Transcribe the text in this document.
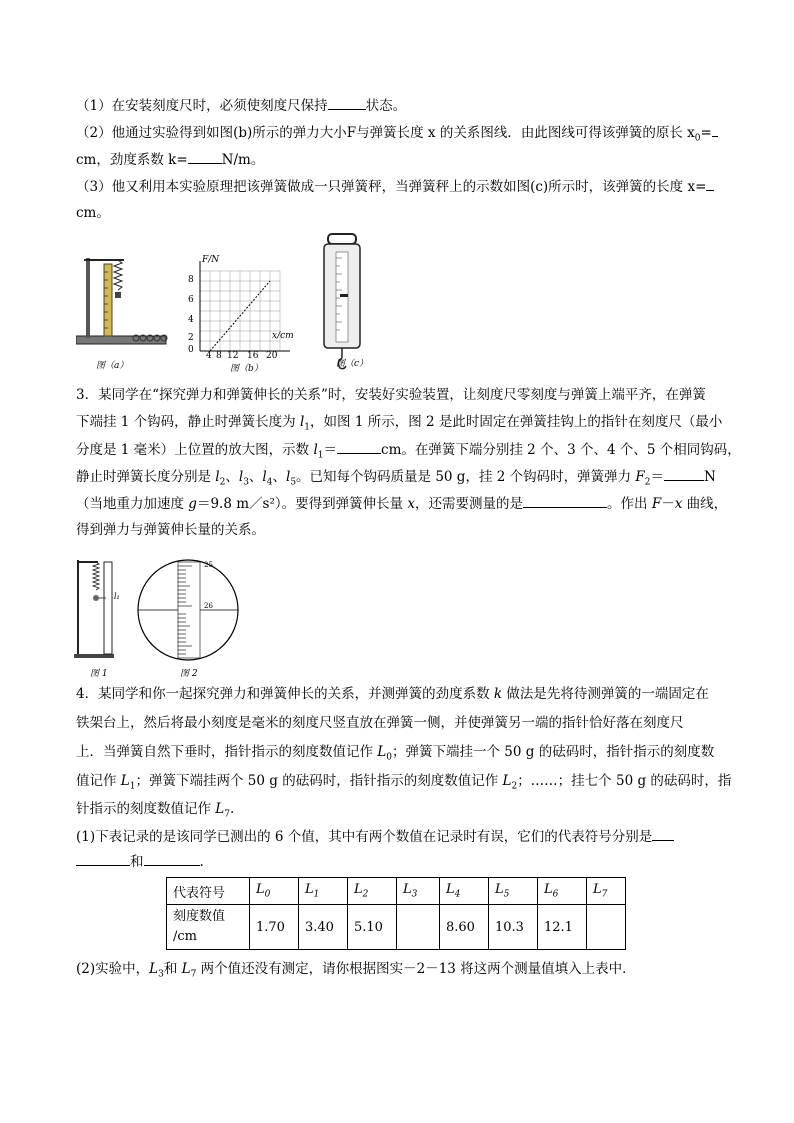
（1）在安装刻度尺时，必须使刻度尺保持	状态。
（2）他通过实验得到如图(b)所示的弹力大小F与弹簧长度 x 的关系图线．由此图线可得该弹簧的原长 $x_0=$
cm，劲度系数 k=	N/m。
（3）他又利用本实验原理把该弹簧做成一只弹簧秤，当弹簧秤上的示数如图(c)所示时，该弹簧的长度 x=
cm。
图（a）
F/N
x/cm
8
6
4
2
0
4 8 12 16 20
图（b）	图（c）
3．某同学在“探究弹力和弹簧伸长的关系”时，安装好实验装置，让刻度尺零刻度与弹簧上端平齐，在弹簧
下端挂 1 个钩码，静止时弹簧长度为 $l_1$，如图 1 所示，图 2 是此时固定在弹簧挂钩上的指针在刻度尺（最小
分度是 1 毫米）上位置的放大图，示数 $l_1=$	cm。在弹簧下端分别挂 2 个、3 个、4 个、5 个相同钩码，
静止时弹簧长度分别是 $l_2$、$l_3$、$l_4$、$l_5$。已知每个钩码质量是 50 g，挂 2 个钩码时，弹簧弹力 $F_2=$	N
（当地重力加速度 g＝9.8 m／s²）。要得到弹簧伸长量 x，还需要测量的是	。作出 F－x 曲线，
得到弹力与弹簧伸长量的关系。
l₁
图 1
25
26
图 2
4．某同学和你一起探究弹力和弹簧伸长的关系，并测弹簧的劲度系数 k 做法是先将待测弹簧的一端固定在
铁架台上，然后将最小刻度是毫米的刻度尺竖直放在弹簧一侧，并使弹簧另一端的指针恰好落在刻度尺
上．当弹簧自然下垂时，指针指示的刻度数值记作 $L_0$；弹簧下端挂一个 50 g 的砝码时，指针指示的刻度数
值记作 $L_1$；弹簧下端挂两个 50 g 的砝码时，指针指示的刻度数值记作 $L_2$；……；挂七个 50 g 的砝码时，指
针指示的刻度数值记作 $L_7$.
(1)下表记录的是该同学已测出的 6 个值，其中有两个数值在记录时有误，它们的代表符号分别是
和	.
代表符号	$L_0$	$L_1$	$L_2$	$L_3$	$L_4$	$L_5$	$L_6$	$L_7$
刻度数值
/cm	1.70	3.40	5.10		8.60	10.3	12.1	
(2)实验中，$L_3$和 $L_7$ 两个值还没有测定，请你根据图实－2－13 将这两个测量值填入上表中．
